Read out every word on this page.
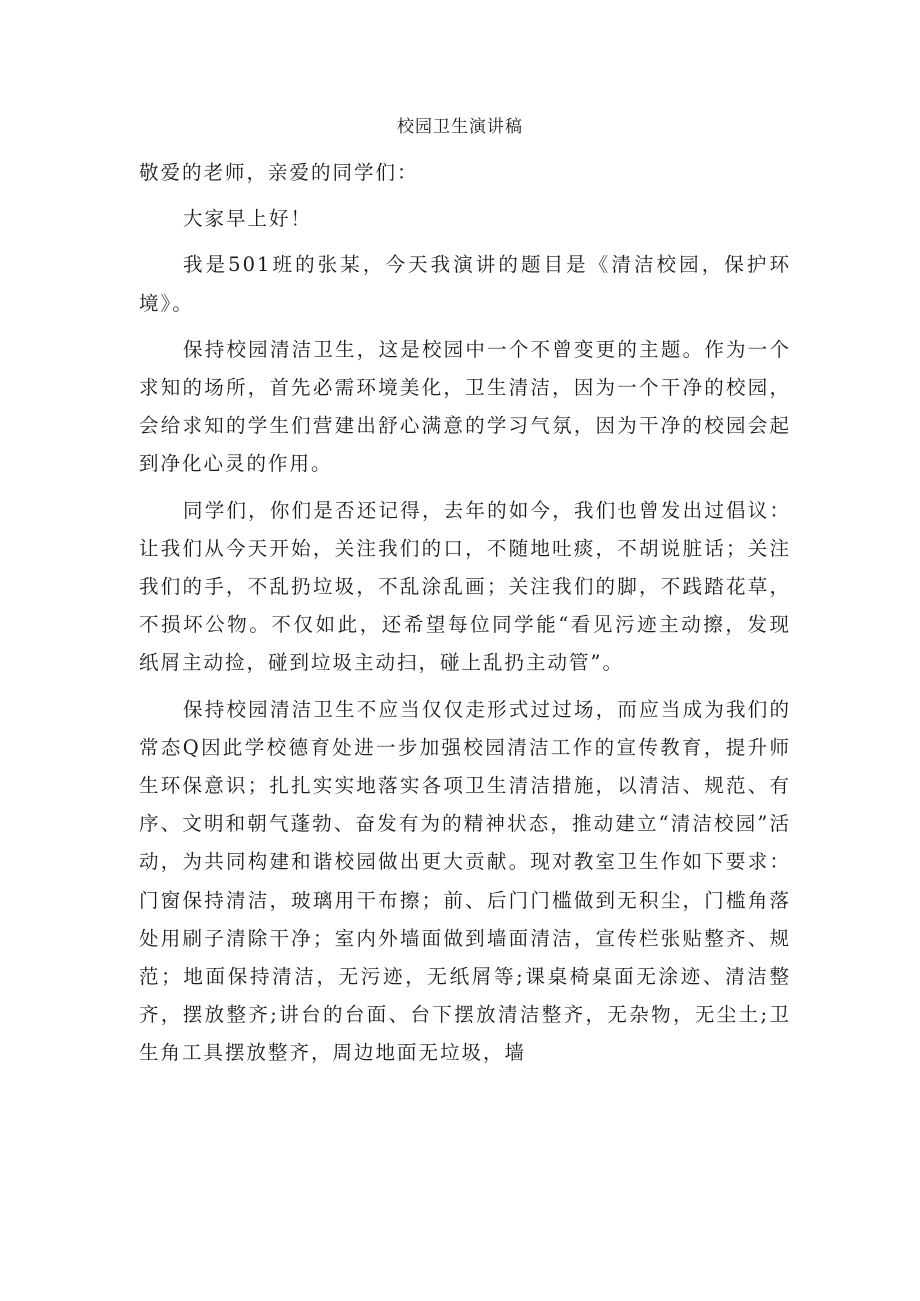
校园卫生演讲稿

敬爱的老师，亲爱的同学们：

大家早上好！

我是501班的张某，今天我演讲的题目是《清洁校园，保护环境》。

保持校园清洁卫生，这是校园中一个不曾变更的主题。作为一个求知的场所，首先必需环境美化，卫生清洁，因为一个干净的校园，会给求知的学生们营建出舒心满意的学习气氛，因为干净的校园会起到净化心灵的作用。

同学们，你们是否还记得，去年的如今，我们也曾发出过倡议：让我们从今天开始，关注我们的口，不随地吐痰，不胡说脏话；关注我们的手，不乱扔垃圾，不乱涂乱画；关注我们的脚，不践踏花草，不损坏公物。不仅如此，还希望每位同学能“看见污迹主动擦，发现纸屑主动捡，碰到垃圾主动扫，碰上乱扔主动管”。

保持校园清洁卫生不应当仅仅走形式过过场，而应当成为我们的常态Q因此学校德育处进一步加强校园清洁工作的宣传教育，提升师生环保意识；扎扎实实地落实各项卫生清洁措施，以清洁、规范、有序、文明和朝气蓬勃、奋发有为的精神状态，推动建立“清洁校园”活动，为共同构建和谐校园做出更大贡献。现对教室卫生作如下要求：门窗保持清洁，玻璃用干布擦；前、后门门槛做到无积尘，门槛角落处用刷子清除干净；室内外墙面做到墙面清洁，宣传栏张贴整齐、规范；地面保持清洁，无污迹，无纸屑等;课桌椅桌面无涂迹、清洁整齐，摆放整齐;讲台的台面、台下摆放清洁整齐，无杂物，无尘土;卫生角工具摆放整齐，周边地面无垃圾，墙
